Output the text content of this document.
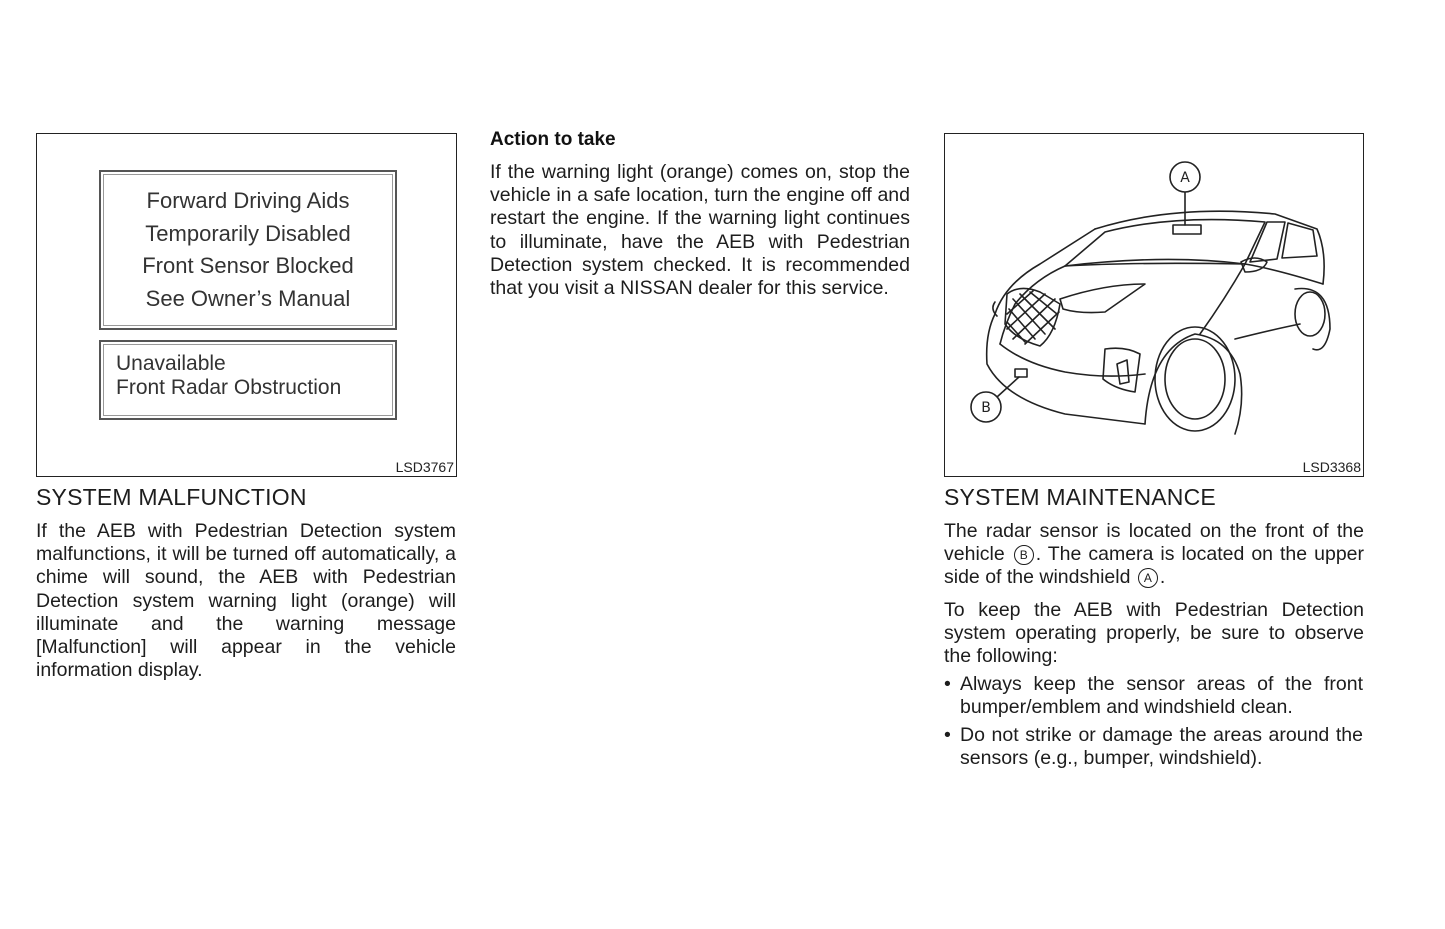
Forward Driving Aids
Temporarily Disabled
Front Sensor Blocked
See Owner’s Manual
Unavailable
Front Radar Obstruction
LSD3767
SYSTEM MALFUNCTION
If the AEB with Pedestrian Detection system malfunctions, it will be turned off automatically, a chime will sound, the AEB with Pedestrian Detection system warning light (orange) will illuminate and the warning message [Malfunction] will appear in the vehicle information display.
Action to take
If the warning light (orange) comes on, stop the vehicle in a safe location, turn the engine off and restart the engine. If the warning light continues to illuminate, have the AEB with Pedestrian Detection system checked. It is recommended that you visit a NISSAN dealer for this service.
A
B
LSD3368
SYSTEM MAINTENANCE
The radar sensor is located on the front of the vehicle B . The camera is located on the upper side of the windshield A .
To keep the AEB with Pedestrian Detection system operating properly, be sure to observe the following:
• Always keep the sensor areas of the front bumper/emblem and windshield clean.
• Do not strike or damage the areas around the sensors (e.g., bumper, windshield).
